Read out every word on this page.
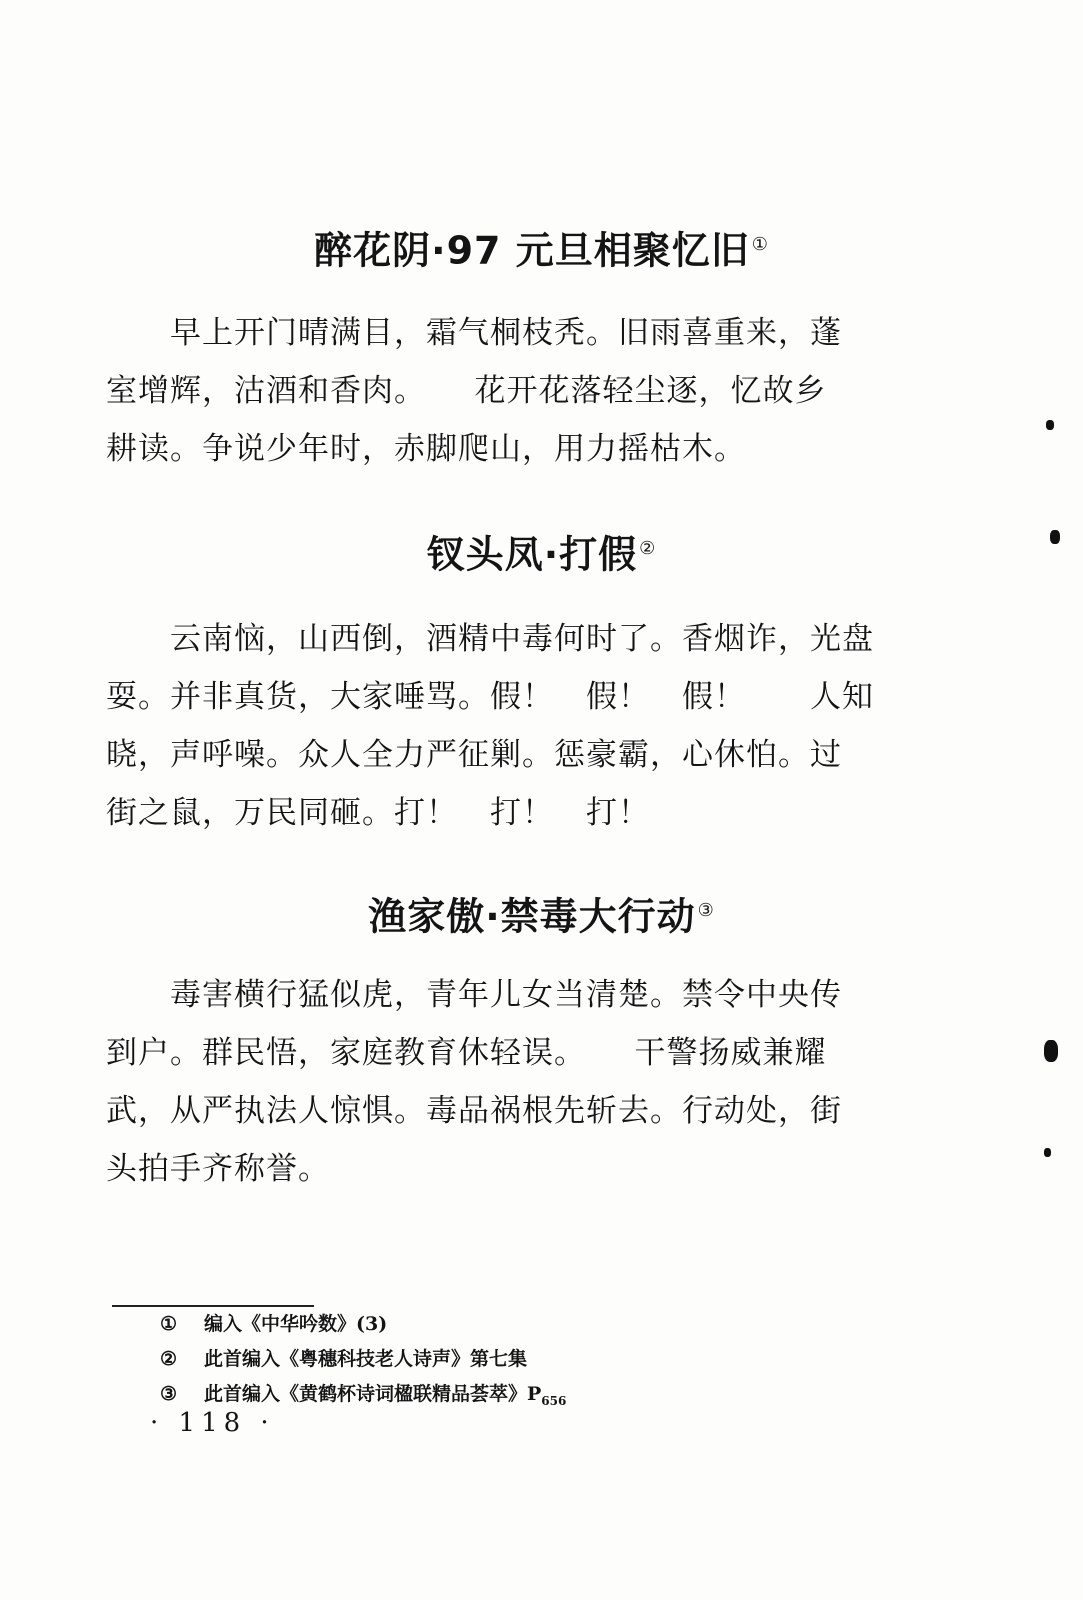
醉花阴·97 元旦相聚忆旧 ①
早上开门晴满目，霜气桐枝秃。旧雨喜重来，蓬
室增辉，沽酒和香肉。　　花开花落轻尘逐，忆故乡
耕读。争说少年时，赤脚爬山，用力摇枯木。
钗头凤·打假 ②
云南恼，山西倒，酒精中毒何时了。香烟诈，光盘
耍。并非真货，大家唾骂。假！　假！　假！　　人知
晓，声呼噪。众人全力严征剿。惩豪霸，心休怕。过
街之鼠，万民同砸。打！　打！　打！
渔家傲·禁毒大行动 ③
毒害横行猛似虎，青年儿女当清楚。禁令中央传
到户。群民悟，家庭教育休轻误。　　干警扬威兼耀
武，从严执法人惊惧。毒品祸根先斩去。行动处，街
头拍手齐称誉。
① 编入《中华吟数》(3)
② 此首编入《粤穗科技老人诗声》第七集
③ 此首编入《黄鹤杯诗词楹联精品荟萃》$P_{656}$
· 118 ·
